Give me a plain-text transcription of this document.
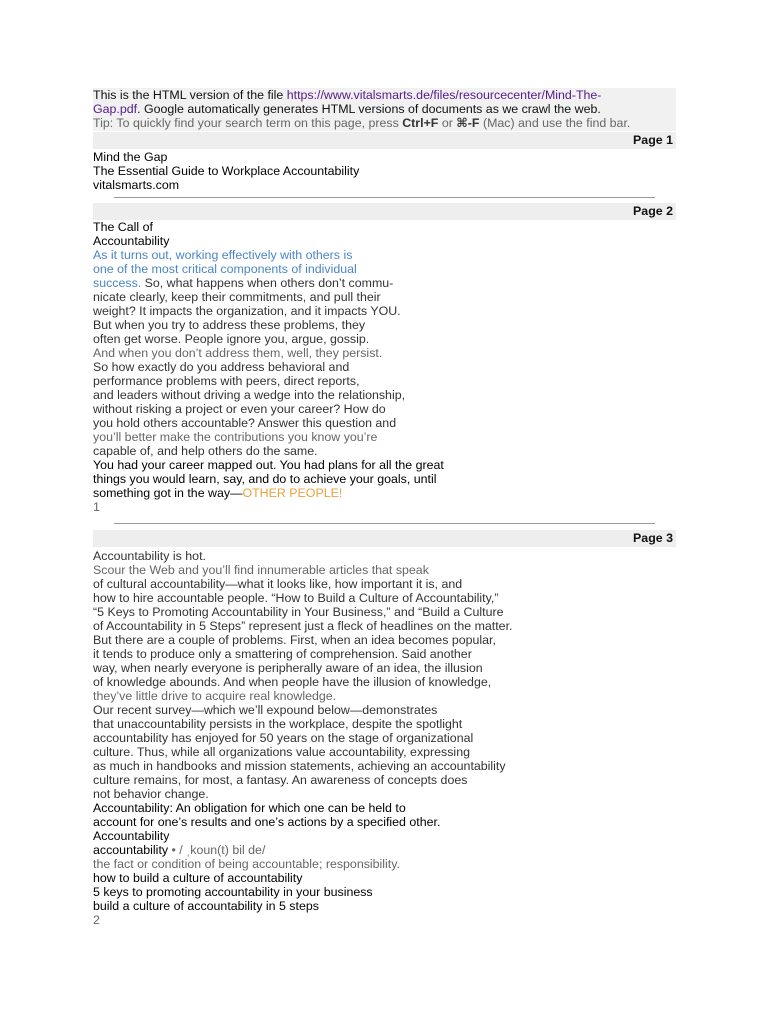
This is the HTML version of the file https://www.vitalsmarts.de/files/resourcecenter/Mind-The-
Gap.pdf. Google automatically generates HTML versions of documents as we crawl the web.
Tip: To quickly find your search term on this page, press Ctrl+F or ⌘-F (Mac) and use the find bar.
Page 1
Mind the Gap
The Essential Guide to Workplace Accountability
vitalsmarts.com
Page 2
The Call of
Accountability
As it turns out, working effectively with others is
one of the most critical components of individual
success. So, what happens when others don’t commu-
nicate clearly, keep their commitments, and pull their
weight? It impacts the organization, and it impacts YOU.
But when you try to address these problems, they
often get worse. People ignore you, argue, gossip.
And when you don’t address them, well, they persist.
So how exactly do you address behavioral and
performance problems with peers, direct reports,
and leaders without driving a wedge into the relationship,
without risking a project or even your career? How do
you hold others accountable? Answer this question and
you’ll better make the contributions you know you’re
capable of, and help others do the same.
You had your career mapped out. You had plans for all the great
things you would learn, say, and do to achieve your goals, until
something got in the way—OTHER PEOPLE!
1
Page 3
Accountability is hot.
Scour the Web and you’ll find innumerable articles that speak
of cultural accountability—what it looks like, how important it is, and
how to hire accountable people. “How to Build a Culture of Accountability,”
“5 Keys to Promoting Accountability in Your Business,” and “Build a Culture
of Accountability in 5 Steps” represent just a fleck of headlines on the matter.
But there are a couple of problems. First, when an idea becomes popular,
it tends to produce only a smattering of comprehension. Said another
way, when nearly everyone is peripherally aware of an idea, the illusion
of knowledge abounds. And when people have the illusion of knowledge,
they’ve little drive to acquire real knowledge.
Our recent survey—which we’ll expound below—demonstrates
that unaccountability persists in the workplace, despite the spotlight
accountability has enjoyed for 50 years on the stage of organizational
culture. Thus, while all organizations value accountability, expressing
as much in handbooks and mission statements, achieving an accountability
culture remains, for most, a fantasy. An awareness of concepts does
not behavior change.
Accountability: An obligation for which one can be held to
account for one’s results and one’s actions by a specified other.
Accountability
accountability • / ˌkoun(t) bil de/
the fact or condition of being accountable; responsibility.
how to build a culture of accountability
5 keys to promoting accountability in your business
build a culture of accountability in 5 steps
2
